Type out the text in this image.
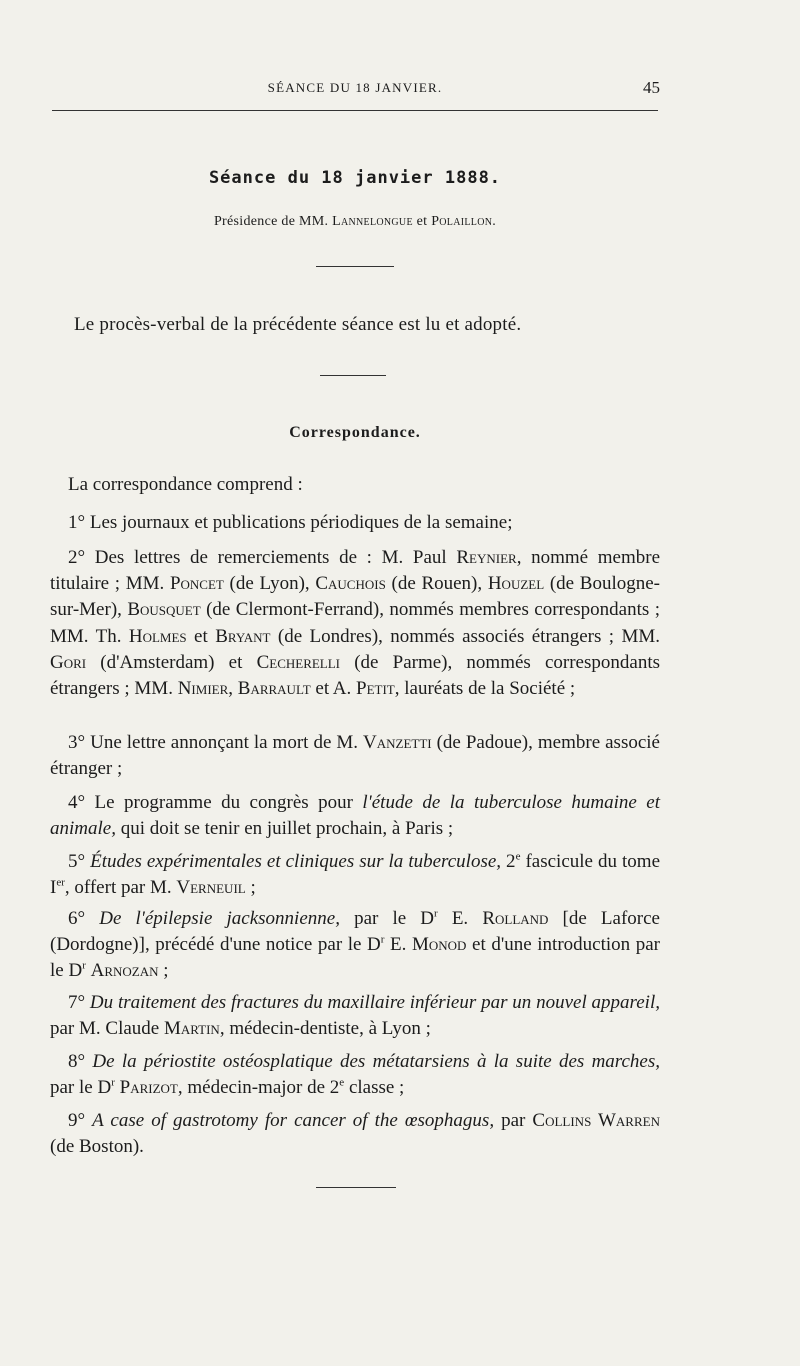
SÉANCE DU 18 JANVIER.	45
Séance du 18 janvier 1888.
Présidence de MM. Lannelongue et Polaillon.
Le procès-verbal de la précédente séance est lu et adopté.
Correspondance.
La correspondance comprend :
1° Les journaux et publications périodiques de la semaine;
2° Des lettres de remerciements de : M. Paul Reynier, nommé membre titulaire ; MM. Poncet (de Lyon), Cauchois (de Rouen), Houzel (de Boulogne-sur-Mer), Bousquet (de Clermont-Ferrand), nommés membres correspondants ; MM. Th. Holmes et Bryant (de Londres), nommés associés étrangers ; MM. Gori (d'Amsterdam) et Cecherelli (de Parme), nommés correspondants étrangers ; MM. Nimier, Barrault et A. Petit, lauréats de la Société ;
3° Une lettre annonçant la mort de M. Vanzetti (de Padoue), membre associé étranger ;
4° Le programme du congrès pour l'étude de la tuberculose humaine et animale, qui doit se tenir en juillet prochain, à Paris ;
5° Études expérimentales et cliniques sur la tuberculose, 2e fascicule du tome Ier, offert par M. Verneuil ;
6° De l'épilepsie jacksonnienne, par le $D^r$ E. Rolland [de Laforce (Dordogne)], précédé d'une notice par le $D^r$ E. Monod et d'une introduction par le $D^r$ Arnozan ;
7° Du traitement des fractures du maxillaire inférieur par un nouvel appareil, par M. Claude Martin, médecin-dentiste, à Lyon ;
8° De la périostite ostéosplatique des métatarsiens à la suite des marches, par le $D^r$ Parizot, médecin-major de 2e classe ;
9° A case of gastrotomy for cancer of the œsophagus, par Collins Warren (de Boston).
